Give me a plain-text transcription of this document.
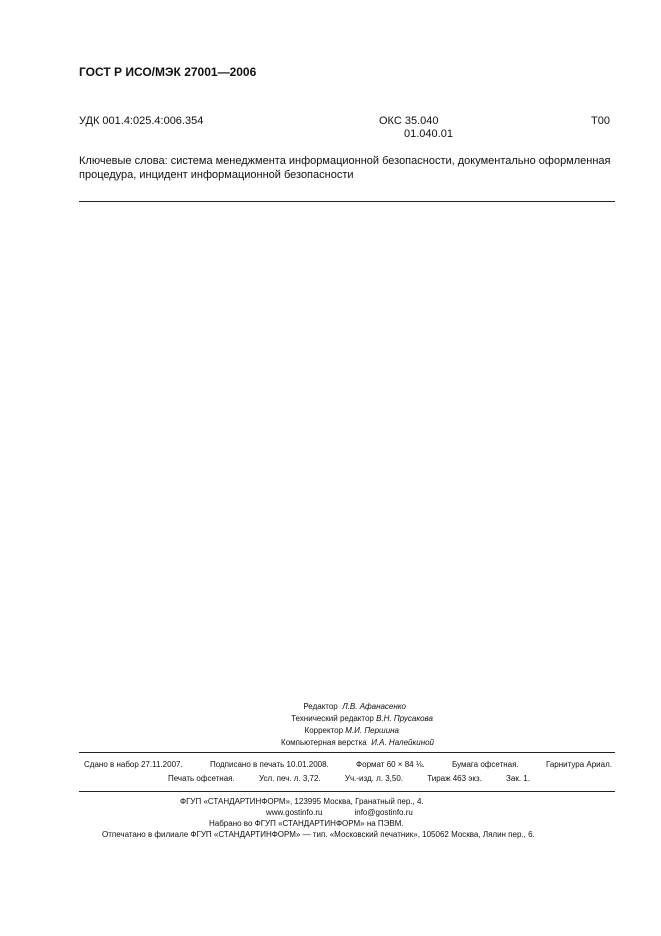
ГОСТ Р ИСО/МЭК 27001—2006
УДК 001.4:025.4:006.354	ОКС 35.040
01.040.01
Т00
Ключевые слова: система менеджмента информационной безопасности, документально оформленная процедура, инцидент информационной безопасности
Редактор Л.В. Афанасенко
Технический редактор В.Н. Прусакова
Корректор М.И. Першина
Компьютерная верстка И.А. Налейкиной
Сдано в набор 27.11.2007.	Подписано в печать 10.01.2008.	Формат 60 × 84 ⅛.	Бумага офсетная.	Гарнитура Ариал.
Печать офсетная.	Усл. печ. л. 3,72.	Уч.-изд. л. 3,50.	Тираж 463 экз.	Зак. 1.
ФГУП «СТАНДАРТИНФОРМ», 123995 Москва, Гранатный пер., 4.
www.gostinfo.ru	info@gostinfo.ru
Набрано во ФГУП «СТАНДАРТИНФОРМ» на ПЭВМ.
Отпечатано в филиале ФГУП «СТАНДАРТИНФОРМ» — тип. «Московский печатник», 105062 Москва, Лялин пер., 6.
